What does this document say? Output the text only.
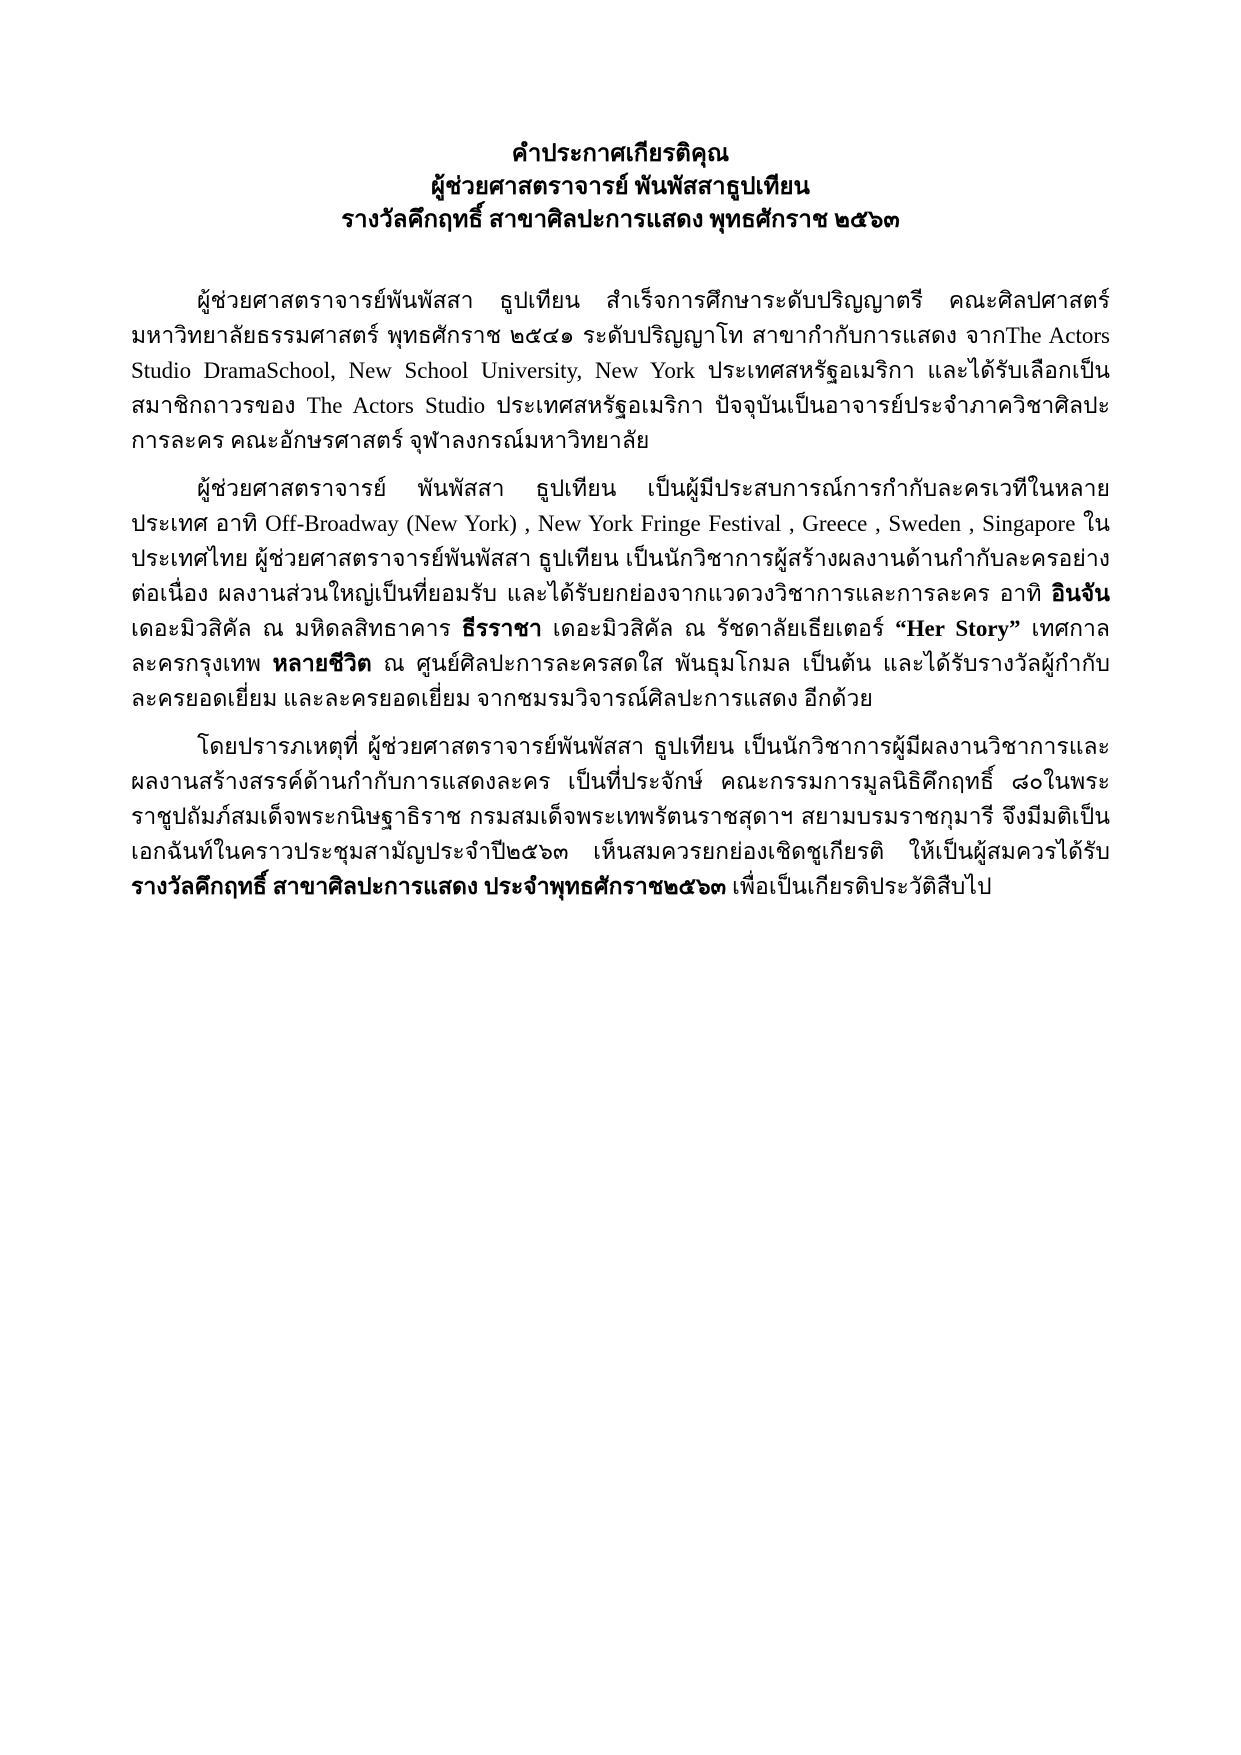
คำประกาศเกียรติคุณ
ผู้ช่วยศาสตราจารย์ พันพัสสาธูปเทียน
รางวัลคึกฤทธิ์ สาขาศิลปะการแสดง พุทธศักราช ๒๕๖๓

ผู้ช่วยศาสตราจารย์พันพัสสา ธูปเทียน สำเร็จการศึกษาระดับปริญญาตรี คณะศิลปศาสตร์ มหาวิทยาลัยธรรมศาสตร์ พุทธศักราช ๒๕๔๑ ระดับปริญญาโท สาขากำกับการแสดง จากThe Actors Studio DramaSchool, New School University, New York ประเทศสหรัฐอเมริกา และได้รับเลือกเป็นสมาชิกถาวรของ The Actors Studio ประเทศสหรัฐอเมริกา ปัจจุบันเป็นอาจารย์ประจำภาควิชาศิลปะการละคร คณะอักษรศาสตร์ จุฬาลงกรณ์มหาวิทยาลัย

ผู้ช่วยศาสตราจารย์ พันพัสสา ธูปเทียน เป็นผู้มีประสบการณ์การกำกับละครเวทีในหลายประเทศ อาทิ Off-Broadway (New York) , New York Fringe Festival , Greece , Sweden , Singapore ในประเทศไทย ผู้ช่วยศาสตราจารย์พันพัสสา ธูปเทียน เป็นนักวิชาการผู้สร้างผลงานด้านกำกับละครอย่างต่อเนื่อง ผลงานส่วนใหญ่เป็นที่ยอมรับ และได้รับยกย่องจากแวดวงวิชาการและการละคร อาทิ อินจัน เดอะมิวสิคัล ณ มหิดลสิทธาคาร ธีรราชา เดอะมิวสิคัล ณ รัชดาลัยเธียเตอร์ “Her Story” เทศกาลละครกรุงเทพ หลายชีวิต ณ ศูนย์ศิลปะการละครสดใส พันธุมโกมล เป็นต้น และได้รับรางวัลผู้กำกับละครยอดเยี่ยม และละครยอดเยี่ยม จากชมรมวิจารณ์ศิลปะการแสดง อีกด้วย

โดยปรารภเหตุที่ ผู้ช่วยศาสตราจารย์พันพัสสา ธูปเทียน เป็นนักวิชาการผู้มีผลงานวิชาการและผลงานสร้างสรรค์ด้านกำกับการแสดงละคร เป็นที่ประจักษ์ คณะกรรมการมูลนิธิคึกฤทธิ์ ๘๐ในพระราชูปถัมภ์สมเด็จพระกนิษฐาธิราช กรมสมเด็จพระเทพรัตนราชสุดาฯ สยามบรมราชกุมารี จึงมีมติเป็นเอกฉันท์ในคราวประชุมสามัญประจำปี๒๕๖๓ เห็นสมควรยกย่องเชิดชูเกียรติ ให้เป็นผู้สมควรได้รับรางวัลคึกฤทธิ์ สาขาศิลปะการแสดง ประจำพุทธศักราช๒๕๖๓ เพื่อเป็นเกียรติประวัติสืบไป
